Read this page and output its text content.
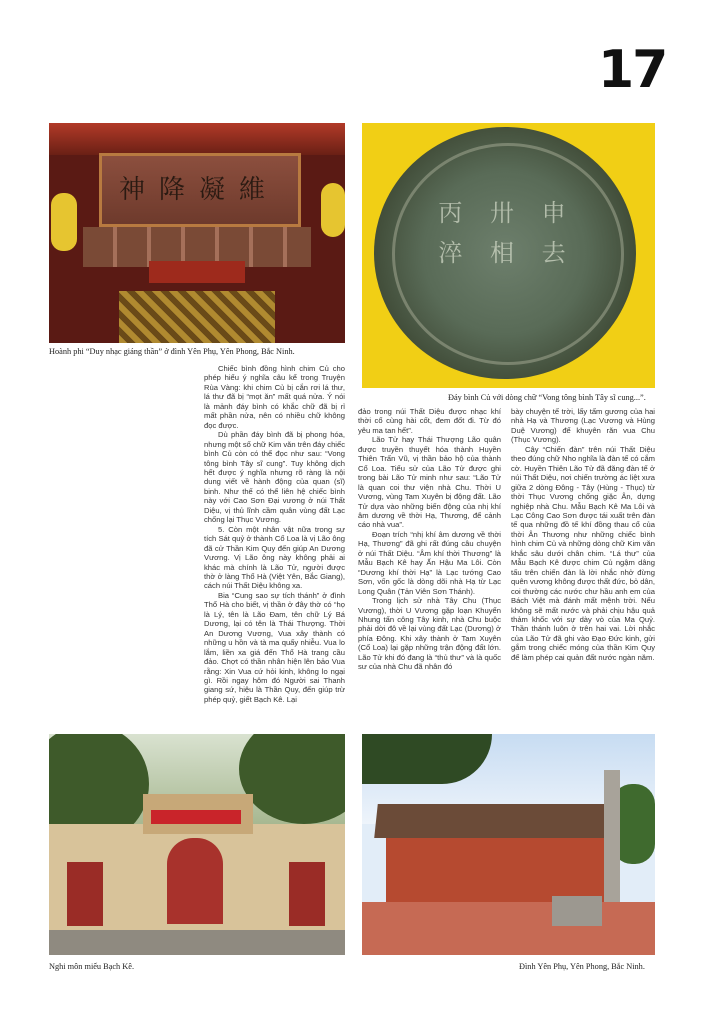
17
神降凝維
Hoành phi “Duy nhạc giáng thần” ở đình Yên Phụ, Yên Phong, Bắc Ninh.
丙 卅 申 淬 相 去
Đáy bình Củ với dòng chữ “Vong tông bình Tây sĩ cung...”.

Chiếc bình đồng hình chim Củ cho phép hiểu ý nghĩa câu kể trong Truyện Rùa Vàng: khi chim Củ bị cắn rơi lá thư, lá thư đã bị “mọt ăn” mất quá nửa. Ý nói là mảnh đáy bình có khắc chữ đã bị rỉ mất phần nửa, nên có nhiều chữ không đọc được.

Dù phần đáy bình đã bị phong hóa, nhưng một số chữ Kim văn trên đáy chiếc bình Củ còn có thể đọc như sau: “Vong tông bình Tây sĩ cung”. Tuy không dịch hết được ý nghĩa nhưng rõ ràng là nội dung viết về hành động của quan (sĩ) binh. Như thế có thể liên hệ chiếc bình này với Cao Sơn Đại vương ở núi Thất Diệu, vị thủ lĩnh cầm quân vùng đất Lạc chống lại Thục Vương.

5. Còn một nhân vật nữa trong sự tích Sát quỷ ở thành Cổ Loa là vị Lão ông đã cử Thần Kim Quy đến giúp An Dương Vương. Vị Lão ông này không phải ai khác mà chính là Lão Tử, người được thờ ở làng Thổ Hà (Việt Yên, Bắc Giang), cách núi Thất Diệu không xa.

Bia “Cung sao sự tích thánh” ở đình Thổ Hà cho biết, vị thần ở đây thờ có “họ là Lý, tên là Lão Đam, tên chữ Lý Bá Dương, lại có tên là Thái Thượng. Thời An Dương Vương, Vua xây thành có những u hồn và tà ma quấy nhiễu. Vua lo lắm, liền xa giá đến Thổ Hà trang cầu đảo. Chợt có thần nhân hiện lên bảo Vua rằng: Xin Vua cứ hỏi kinh, không lo ngại gì. Rồi ngay hôm đó Người sai Thanh giang sứ, hiệu là Thần Quy, đến giúp trừ phép quỷ, giết Bạch Kê. Lại

đảo trong núi Thất Diệu được nhạc khí thời cổ cùng hài cốt, đem đốt đi. Từ đó yêu ma tan hết”.

Lão Tử hay Thái Thượng Lão quân được truyền thuyết hóa thành Huyền Thiên Trấn Vũ, vị thần bảo hộ của thành Cổ Loa. Tiểu sử của Lão Tử được ghi trong bài Lão Tử minh như sau: “Lão Tử là quan coi thư viện nhà Chu. Thời U Vương, vùng Tam Xuyên bị động đất. Lão Tử dựa vào những biến động của nhị khí âm dương về thời Hạ, Thương, để cảnh cáo nhà vua”.

Đoạn trích “nhị khí âm dương về thời Hạ, Thương” đã ghi rất đúng câu chuyện ở núi Thất Diệu. “Âm khí thời Thương” là Mẫu Bạch Kê hay Ấn Hậu Ma Lôi. Còn “Dương khí thời Hạ” là Lạc tướng Cao Sơn, vốn gốc là dòng dõi nhà Hạ từ Lạc Long Quân (Tản Viên Sơn Thánh).

Trong lịch sử nhà Tây Chu (Thục Vương), thời U Vương gặp loạn Khuyển Nhung tấn công Tây kinh, nhà Chu buộc phải dời đô về lại vùng đất Lạc (Dương) ở phía Đông. Khi xây thành ở Tam Xuyên (Cổ Loa) lại gặp những trận động đất lớn. Lão Tử khi đó đang là “thủ thư” và là quốc sư của nhà Chu đã nhân đó

bày chuyện tế trời, lấy tấm gương của hai nhà Hạ và Thương (Lạc Vương và Hùng Duệ Vương) để khuyên răn vua Chu (Thục Vương).

Cây “Chiến đàn” trên núi Thất Diệu theo đúng chữ Nho nghĩa là đàn tế có cắm cờ. Huyền Thiên Lão Tử đã đăng đàn tế ở núi Thất Diệu, nơi chiến trường ác liệt xưa giữa 2 dòng Đông - Tây (Hùng - Thục) từ thời Thục Vương chống giặc Ân, dựng nghiệp nhà Chu. Mẫu Bạch Kê Ma Lôi và Lạc Công Cao Sơn được tái xuất trên đàn tế qua những đồ tế khí đồng thau cổ của thời Ân Thương như những chiếc bình hình chim Củ và những dòng chữ Kim văn khắc sâu dưới chân chim. “Lá thư” của Mẫu Bạch Kê được chim Củ ngậm dâng tấu trên chiến đàn là lời nhắc nhở đừng quên vương không được thất đức, bỏ dân, coi thường các nước chư hầu anh em của Bách Việt mà đánh mất mệnh trời. Nếu không sẽ mất nước và phải chịu hậu quả thảm khốc với sự dày vò của Ma Quỷ. Thần thánh luôn ở trên hai vai. Lời nhắc của Lão Tử đã ghi vào Đạo Đức kinh, gửi gắm trong chiếc móng của thần Kim Quy để làm phép cai quản đất nước ngàn năm.

Nghi môn miếu Bạch Kê.	Đình Yên Phụ, Yên Phong, Bắc Ninh.
